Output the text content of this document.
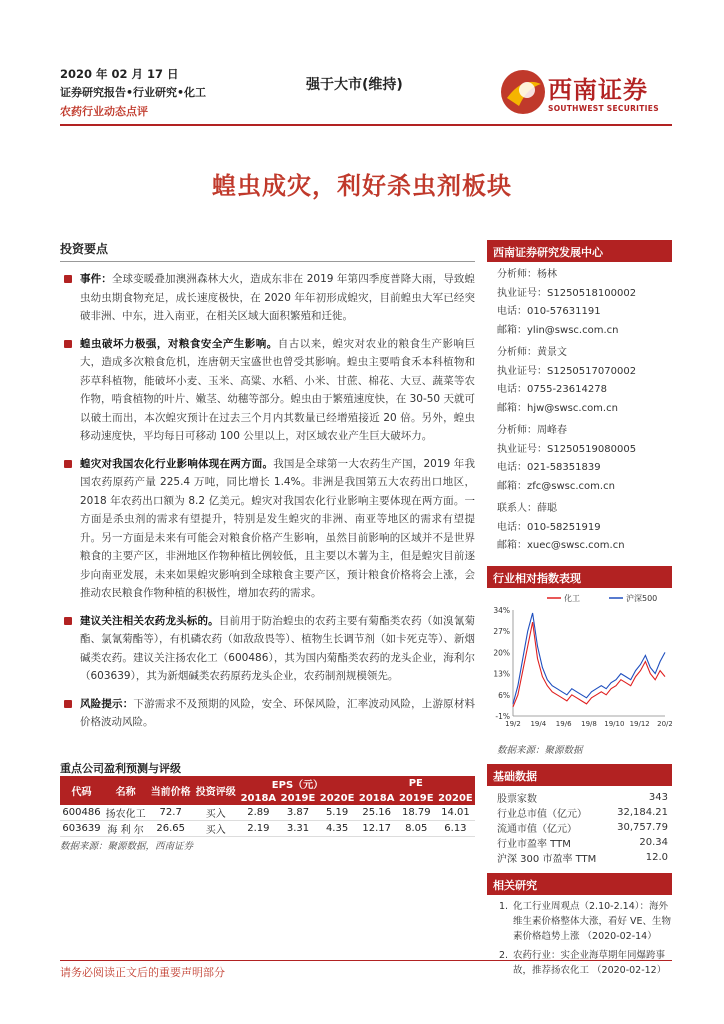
2020 年 02 月 17 日
证券研究报告•行业研究•化工
农药行业动态点评
强于大市(维持)	西南证券
SOUTHWEST SECURITIES
蝗虫成灾，利好杀虫剂板块
投资要点
事件：全球变暖叠加澳洲森林大火，造成东非在 2019 年第四季度普降大雨，导致蝗虫幼虫期食物充足，成长速度极快，在 2020 年年初形成蝗灾，目前蝗虫大军已经突破非洲、中东，进入南亚，在相关区域大面积繁殖和迁徙。
蝗虫破坏力极强，对粮食安全产生影响。自古以来，蝗灾对农业的粮食生产影响巨大，造成多次粮食危机，连唐朝天宝盛世也曾受其影响。蝗虫主要啃食禾本科植物和莎草科植物，能破坏小麦、玉米、高粱、水稻、小米、甘蔗、棉花、大豆、蔬菜等农作物，啃食植物的叶片、嫩茎、幼穗等部分。蝗虫由于繁殖速度快，在 30-50 天就可以破土而出，本次蝗灾预计在过去三个月内其数量已经增殖接近 20 倍。另外，蝗虫移动速度快，平均每日可移动 100 公里以上，对区域农业产生巨大破坏力。
蝗灾对我国农化行业影响体现在两方面。我国是全球第一大农药生产国，2019 年我国农药原药产量 225.4 万吨，同比增长 1.4%。非洲是我国第五大农药出口地区，2018 年农药出口额为 8.2 亿美元。蝗灾对我国农化行业影响主要体现在两方面。一方面是杀虫剂的需求有望提升，特别是发生蝗灾的非洲、南亚等地区的需求有望提升。另一方面是未来有可能会对粮食价格产生影响，虽然目前影响的区域并不是世界粮食的主要产区，非洲地区作物种植比例较低，且主要以木薯为主，但是蝗灾目前逐步向南亚发展，未来如果蝗灾影响到全球粮食主要产区，预计粮食价格将会上涨，会推动农民粮食作物种植的积极性，增加农药的需求。
建议关注相关农药龙头标的。目前用于防治蝗虫的农药主要有菊酯类农药（如溴氰菊酯、氯氰菊酯等），有机磷农药（如敌敌畏等）、植物生长调节剂（如卡死克等）、新烟碱类农药。建议关注扬农化工（600486），其为国内菊酯类农药的龙头企业，海利尔（603639），其为新烟碱类农药原药龙头企业，农药制剂规模领先。
风险提示：下游需求不及预期的风险，安全、环保风险，汇率波动风险，上游原材料价格波动风险。
重点公司盈利预测与评级
代码	名称	当前价格	投资评级	EPS（元）			PE		
				2018A	2019E	2020E	2018A	2019E	2020E
600486	扬农化工	72.7	买入	2.89	3.87	5.19	25.16	18.79	14.01
603639	海 利 尔	26.65	买入	2.19	3.31	4.35	12.17	8.05	6.13
数据来源：聚源数据，西南证券
西南证券研究发展中心
分析师：杨林
执业证号：S1250518100002
电话：010-57631191
邮箱：ylin@swsc.com.cn
分析师：黄景文
执业证号：S1250517070002
电话：0755-23614278
邮箱：hjw@swsc.com.cn
分析师：周峰春
执业证号：S1250519080005
电话：021-58351839
邮箱：zfc@swsc.com.cn
联系人：薛聪
电话：010-58251919
邮箱：xuec@swsc.com.cn
行业相对指数表现
34%
27%
20%
13%
6%
-1%
19/2 19/4 19/6 19/8 19/10 19/12 20/2
化工	沪深500
数据来源：聚源数据
基础数据
股票家数	343
行业总市值（亿元）	32,184.21
流通市值（亿元）	30,757.79
行业市盈率 TTM	20.34
沪深 300 市盈率 TTM	12.0
相关研究
1. 化工行业周观点（2.10-2.14）：海外维生素价格整体大涨，看好 VE、生物素价格趋势上涨 （2020-02-14）
2. 农药行业：实企业海草期年同爆跨事故，推荐扬农化工 （2020-02-12）
请务必阅读正文后的重要声明部分
